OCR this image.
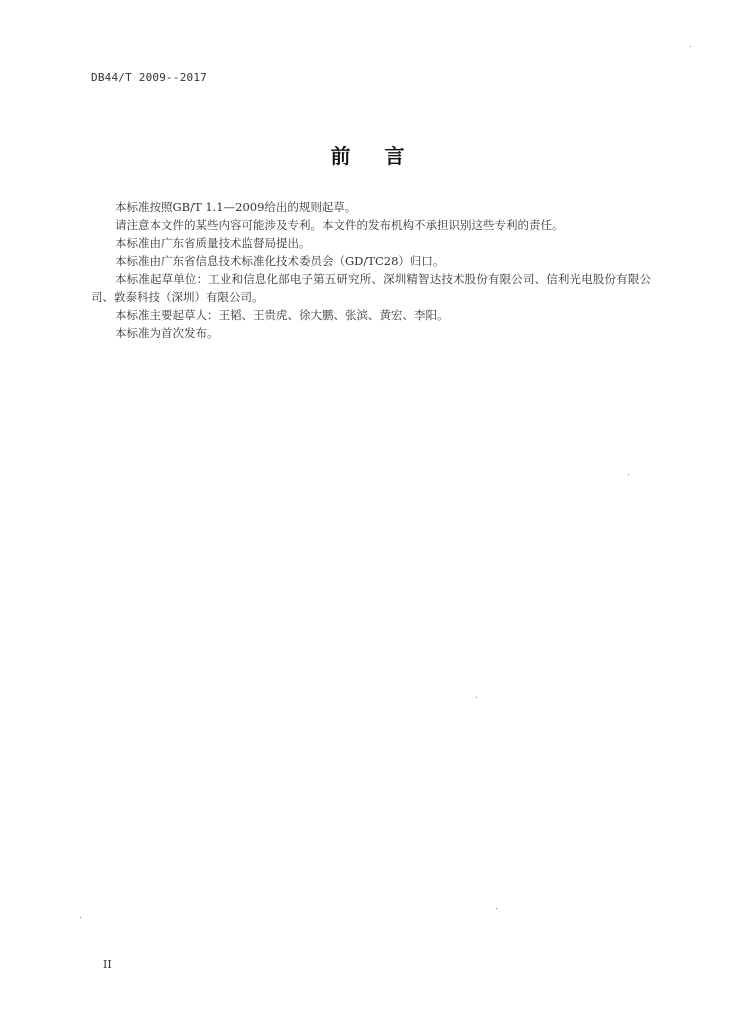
DB44/T 2009--2017
前言

本标准按照GB/T 1.1—2009给出的规则起草。

请注意本文件的某些内容可能涉及专利。本文件的发布机构不承担识别这些专利的责任。

本标准由广东省质量技术监督局提出。

本标准由广东省信息技术标准化技术委员会（GD/TC28）归口。

本标准起草单位：工业和信息化部电子第五研究所、深圳精智达技术股份有限公司、信利光电股份有限公司、敦泰科技（深圳）有限公司。

本标准主要起草人：王韬、王贵虎、徐大鹏、张滨、黄宏、李阳。

本标准为首次发布。

II
